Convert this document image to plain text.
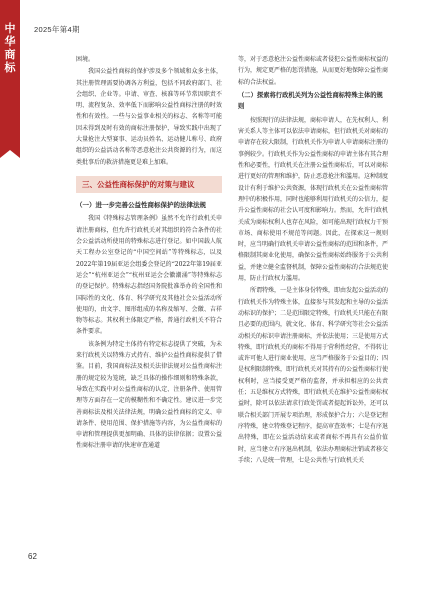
中
华
商
标
2025年第4期

困境。

我国公益性商标的保护涉及多个领域和众多主体，其注册管理需要协调各方利益，包括不同政府部门、社会组织、企业等。申请、审查、核准等环节常因职责不明、流程复杂、效率低下而影响公益性商标注册的时效性和有效性。一些与公益事业相关的标志、名称等可能因未得到及时有效的商标注册保护，导致实践中出现了大量抢注大型赛事、运动员姓名、运动健儿称号、政府组织的公益活动名称等恶意抢注公共资源的行为，而这类批事后的救济措施更是难上加难。

三、公益性商标保护的对策与建议
（一）进一步完善公益性商标保护的法律法规

我国《特殊标志管理条例》虽然不允许行政机关申请注册商标，但允许行政机关对其组织的符合条件的社会公益活动所使用的特殊标志进行登记。如中国载人航天工程办公室登记的“中国空间站”等特殊标志，以及2022年第19届亚运会组委会登记的“2022年第19届亚运会”“杭州亚运会”“杭州亚运会会徽潮涌”等特殊标志的登记保护。特殊标志指经国务院批准举办的全国性和国际性的文化、体育、科学研究及其他社会公益活动所使用的，由文字、图形组成的名称及缩写、会徽、吉祥物等标志。其权利主体限定严格，普通行政机关不符合条件要求。

该条例为特定主体持有特定标志提供了突破，为未来行政机关以特殊方式持有、维护公益性商标提供了借鉴。目前，我国商标法及相关法律法规对公益性商标注册的规定较为笼统，缺乏具体的操作细则和特殊条款，导致在实践中对公益性商标的认定、注册条件、使用管理等方面存在一定的模糊性和不确定性。建议进一步完善商标法及相关法律法规，明确公益性商标的定义、申请条件、使用范围、保护措施等内容，为公益性商标的申请和管理提供更加明确、具体的法律依据；设置公益性商标注册申请的快速审查通道

等，对于恶意抢注公益性商标或者侵犯公益性商标权益的行为，规定更严格的惩罚措施，从而更好地保障公益性商标的合法权益。

（二）探索将行政机关列为公益性商标特殊主体的规则

按照现行的法律法规，商标申请人，在先权利人、利害关系人等主体可以依法申请商标，但行政机关对商标的申请存在较大限制，行政机关作为申请人申请商标注册的事例较少。行政机关作为公益性商标的申请主体有其合理性和必要性，行政机关在注册公益性商标后，可以对商标进行更好的管理和维护，防止恶意抢注和滥用。这种制度设计有利于维护公共资源，体现行政机关在公益性商标管理中的积极作用，同时也能够利用行政机关的公信力，提升公益性商标的社会认可度和影响力。然而，允许行政机关成为商标权利人也存在风险，如可能出现行政权力干预市场、商标使用不规范等问题。因此，在探索这一规则时，应当明确行政机关申请公益性商标的范围和条件，严格限制其商业化使用，确保公益性商标始终服务于公共利益，并建立健全监督机制，保障公益性商标的合法规范使用，防止行政权力滥用。

所谓特殊，一是主体身份特殊，即由发起公益活动的行政机关作为特殊主体，直接参与其发起和主导的公益活动标识的保护；二是范围限定特殊，行政机关只能在有限且必要的范围内，就文化、体育、科学研究等社会公益活动相关的标识申请注册商标，并依法使用；三是使用方式特殊，即行政机关的商标不得用于营利性经营，不得转让或许可他人进行商业使用，应当严格服务于公益目的；四是权利限制特殊，即行政机关对其持有的公益性商标行使权利时，应当接受更严格的监督，并承担相应的公共责任；五是维权方式特殊，即行政机关在维护公益性商标权益时，除可以依法请求行政处罚或者提起诉讼外，还可以联合相关部门开展专项治理，形成保护合力；六是登记程序特殊，建立特殊登记程序，提高审查效率；七是有序退出特殊，即在公益活动结束或者商标不再具有公益价值时，应当建立有序退出机制，依法办理商标注销或者移交手续；八是统一管理，七是公共性与行政机关关

62
